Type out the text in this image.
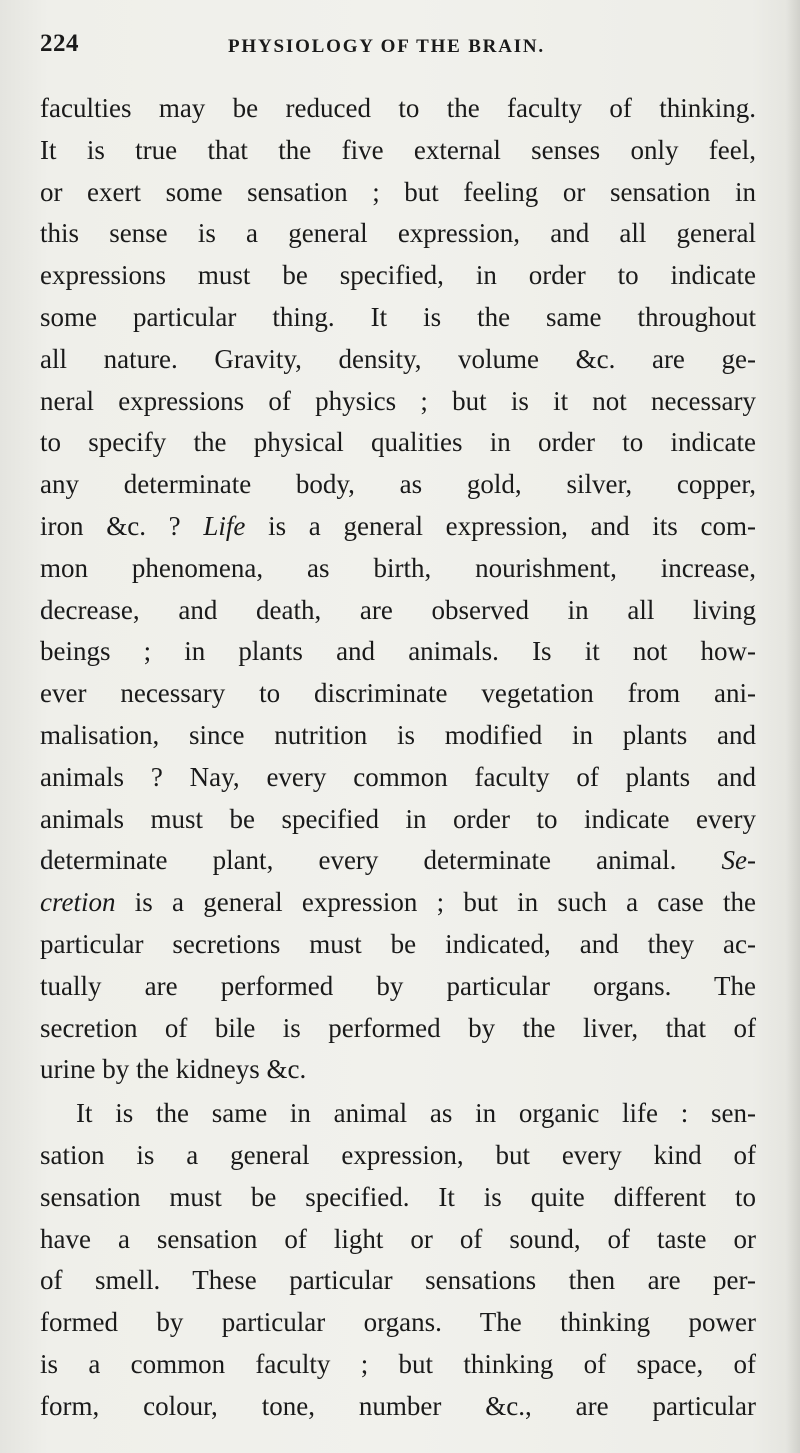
224	PHYSIOLOGY OF THE BRAIN.
faculties may be reduced to the faculty of thinking.
It is true that the five external senses only feel,
or exert some sensation ; but feeling or sensation in
this sense is a general expression, and all general
expressions must be specified, in order to indicate
some particular thing. It is the same throughout
all nature. Gravity, density, volume &c. are ge-
neral expressions of physics ; but is it not necessary
to specify the physical qualities in order to indicate
any determinate body, as gold, silver, copper,
iron &c. ? Life is a general expression, and its com-
mon phenomena, as birth, nourishment, increase,
decrease, and death, are observed in all living
beings ; in plants and animals. Is it not how-
ever necessary to discriminate vegetation from ani-
malisation, since nutrition is modified in plants and
animals ? Nay, every common faculty of plants and
animals must be specified in order to indicate every
determinate plant, every determinate animal. Se-
cretion is a general expression ; but in such a case the
particular secretions must be indicated, and they ac-
tually are performed by particular organs. The
secretion of bile is performed by the liver, that of
urine by the kidneys &c.
It is the same in animal as in organic life : sen-
sation is a general expression, but every kind of
sensation must be specified. It is quite different to
have a sensation of light or of sound, of taste or
of smell. These particular sensations then are per-
formed by particular organs. The thinking power
is a common faculty ; but thinking of space, of
form, colour, tone, number &c., are particular
